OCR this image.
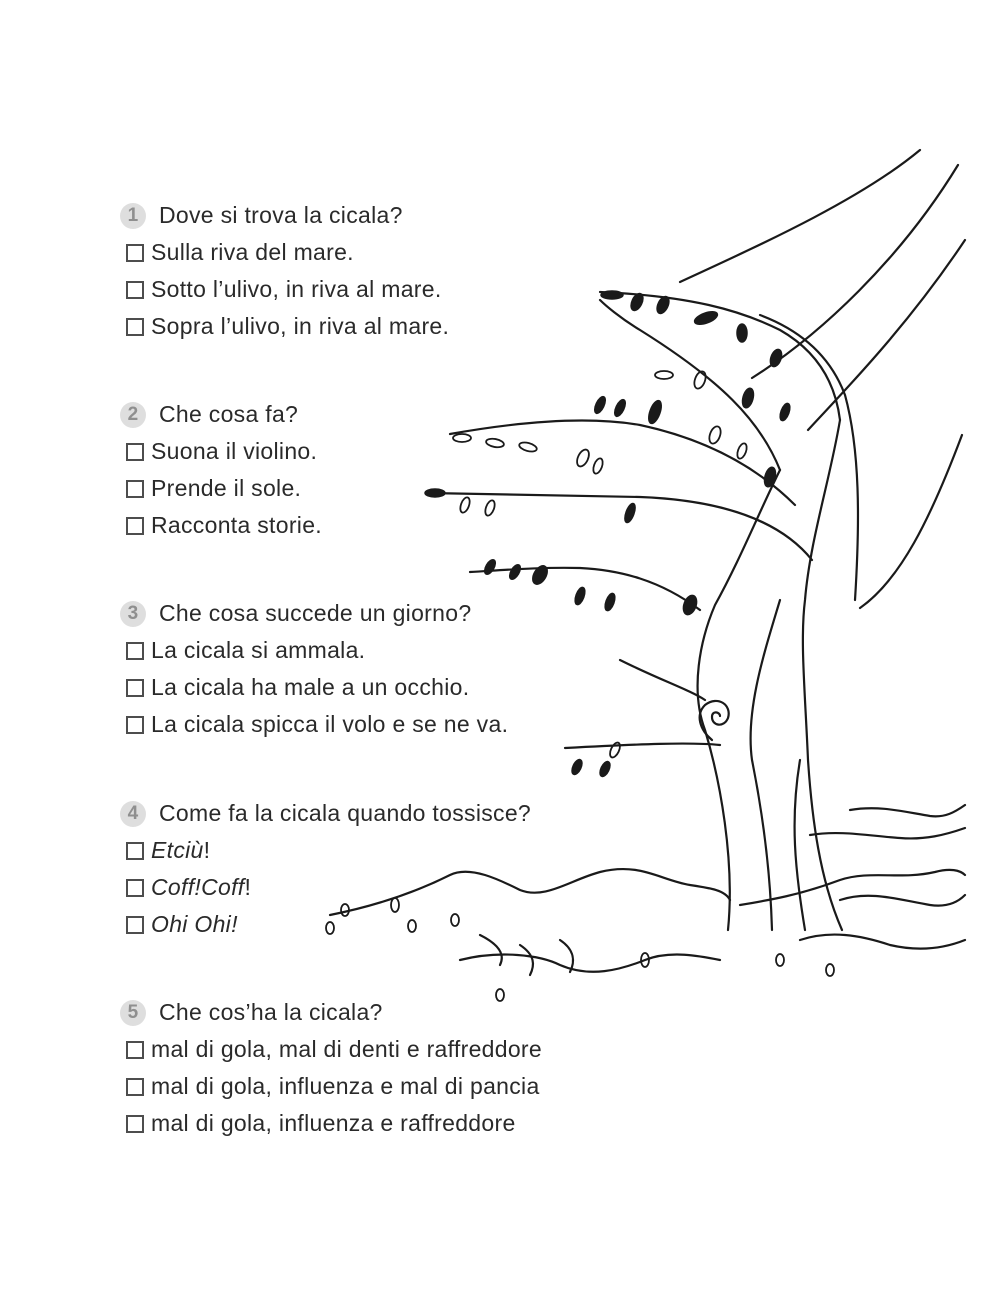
1 Dove si trova la cicala?
Sulla riva del mare.
Sotto l’ulivo, in riva al mare.
Sopra l’ulivo, in riva al mare.
2 Che cosa fa?
Suona il violino.
Prende il sole.
Racconta storie.
3 Che cosa succede un giorno?
La cicala si ammala.
La cicala ha male a un occhio.
La cicala spicca il volo e se ne va.
4 Come fa la cicala quando tossisce?
Etciù !
Coff!Coff !
Ohi Ohi!
5 Che cos’ha la cicala?
mal di gola, mal di denti e raffreddore
mal di gola, influenza e mal di pancia
mal di gola, influenza e raffreddore
